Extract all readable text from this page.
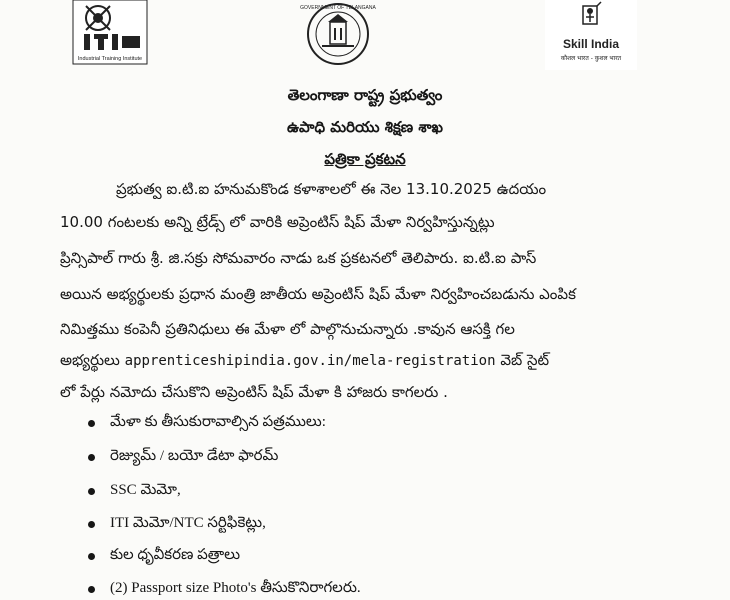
Industrial Training Institute
GOVERNMENT OF TELANGANA
Skill India
कौशल भारत - कुशल भारत
తెలంగాణా రాష్ట్ర ప్రభుత్వం
ఉపాధి మరియు శిక్షణ శాఖ
పత్రికా ప్రకటన
ప్రభుత్వ ఐ.టి.ఐ హనుమకొండ కళాశాలలో ఈ నెల 13.10.2025 ఉదయం
10.00 గంటలకు అన్ని ట్రేడ్స్ లో వారికి అప్రెంటిస్ షిప్ మేళా నిర్వహిస్తున్నట్లు
ప్రిన్సిపాల్ గారు శ్రీ. జి.సక్రు సోమవారం నాడు ఒక ప్రకటనలో తెలిపారు. ఐ.టి.ఐ పాస్
అయిన అభ్యర్థులకు ప్రధాన మంత్రి జాతీయ అప్రెంటిస్ షిప్ మేళా నిర్వహించబడును ఎంపిక
నిమిత్తము కంపెనీ ప్రతినిధులు ఈ మేళా లో పాల్గొనుచున్నారు .కావున ఆసక్తి గల
అభ్యర్థులు apprenticeshipindia.gov.in/mela-registration వెబ్ సైట్
లో పేర్లు నమోదు చేసుకొని అప్రెంటిస్ షిప్ మేళా కి హాజరు కాగలరు .
మేళా కు తీసుకురావాల్సిన పత్రములు:
రెజ్యుమ్ / బయో డేటా ఫారమ్
SSC మెమో,
ITI మెమో/NTC సర్టిఫికెట్లు,
కుల ధృవీకరణ పత్రాలు
(2) Passport size Photo's తీసుకొనిరాగలరు.
